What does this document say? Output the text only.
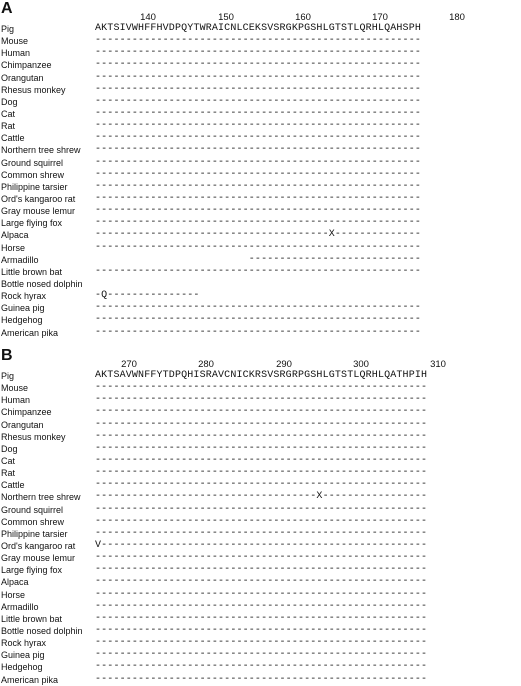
A
140	150	160	170	180
Pig	AKTSIVWHFFHVDPQYTWRAICNLCEKSVSRGKPGSHLGTSTLQRHLQAHSPH
Mouse	-----------------------------------------------------
Human	-----------------------------------------------------
Chimpanzee	-----------------------------------------------------
Orangutan	-----------------------------------------------------
Rhesus monkey	-----------------------------------------------------
Dog	-----------------------------------------------------
Cat	-----------------------------------------------------
Rat	-----------------------------------------------------
Cattle	-----------------------------------------------------
Northern tree shrew -----------------------------------------------------
Ground squirrel	-----------------------------------------------------
Common shrew	-----------------------------------------------------
Philippine tarsier	-----------------------------------------------------
Ord's kangaroo rat -----------------------------------------------------
Gray mouse lemur -----------------------------------------------------
Large flying fox	-----------------------------------------------------
Alpaca	--------------------------------------X--------------
Horse	-----------------------------------------------------
Armadillo	----------------------------
Little brown bat	-----------------------------------------------------
Bottle nosed dolphin
Rock hyrax	-Q---------------
Guinea pig	-----------------------------------------------------
Hedgehog	-----------------------------------------------------
American pika	-----------------------------------------------------
B
270	280	290	300	310
Pig	AKTSAVWNFFYTDPQHISRAVCNICKRSVSRGRPGSHLGTSTLQRHLQATHPIH
Mouse	------------------------------------------------------
Human	------------------------------------------------------
Chimpanzee	------------------------------------------------------
Orangutan	------------------------------------------------------
Rhesus monkey	------------------------------------------------------
Dog	------------------------------------------------------
Cat	------------------------------------------------------
Rat	------------------------------------------------------
Cattle	------------------------------------------------------
Northern tree shrew ------------------------------------X-----------------
Ground squirrel	------------------------------------------------------
Common shrew	------------------------------------------------------
Philippine tarsier	------------------------------------------------------
Ord's kangaroo rat V-----------------------------------------------------
Gray mouse lemur ------------------------------------------------------
Large flying fox	------------------------------------------------------
Alpaca	------------------------------------------------------
Horse	------------------------------------------------------
Armadillo	------------------------------------------------------
Little brown bat	------------------------------------------------------
Bottle nosed dolphin ------------------------------------------------------
Rock hyrax	------------------------------------------------------
Guinea pig	------------------------------------------------------
Hedgehog	------------------------------------------------------
American pika	------------------------------------------------------
